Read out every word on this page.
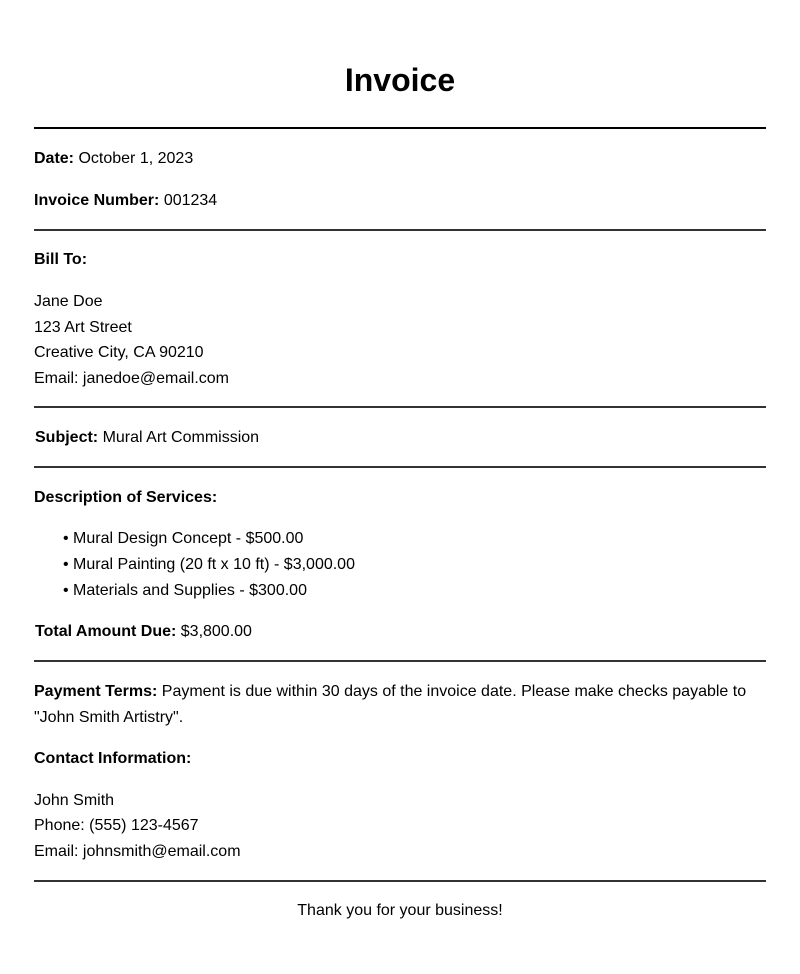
Invoice
Date: October 1, 2023
Invoice Number: 001234
Bill To:
Jane Doe
123 Art Street
Creative City, CA 90210
Email: janedoe@email.com
Subject: Mural Art Commission
Description of Services:
• Mural Design Concept - $500.00
• Mural Painting (20 ft x 10 ft) - $3,000.00
• Materials and Supplies - $300.00
Total Amount Due: $3,800.00
Payment Terms: Payment is due within 30 days of the invoice date. Please make checks payable to "John Smith Artistry".
Contact Information:
John Smith
Phone: (555) 123-4567
Email: johnsmith@email.com
Thank you for your business!
